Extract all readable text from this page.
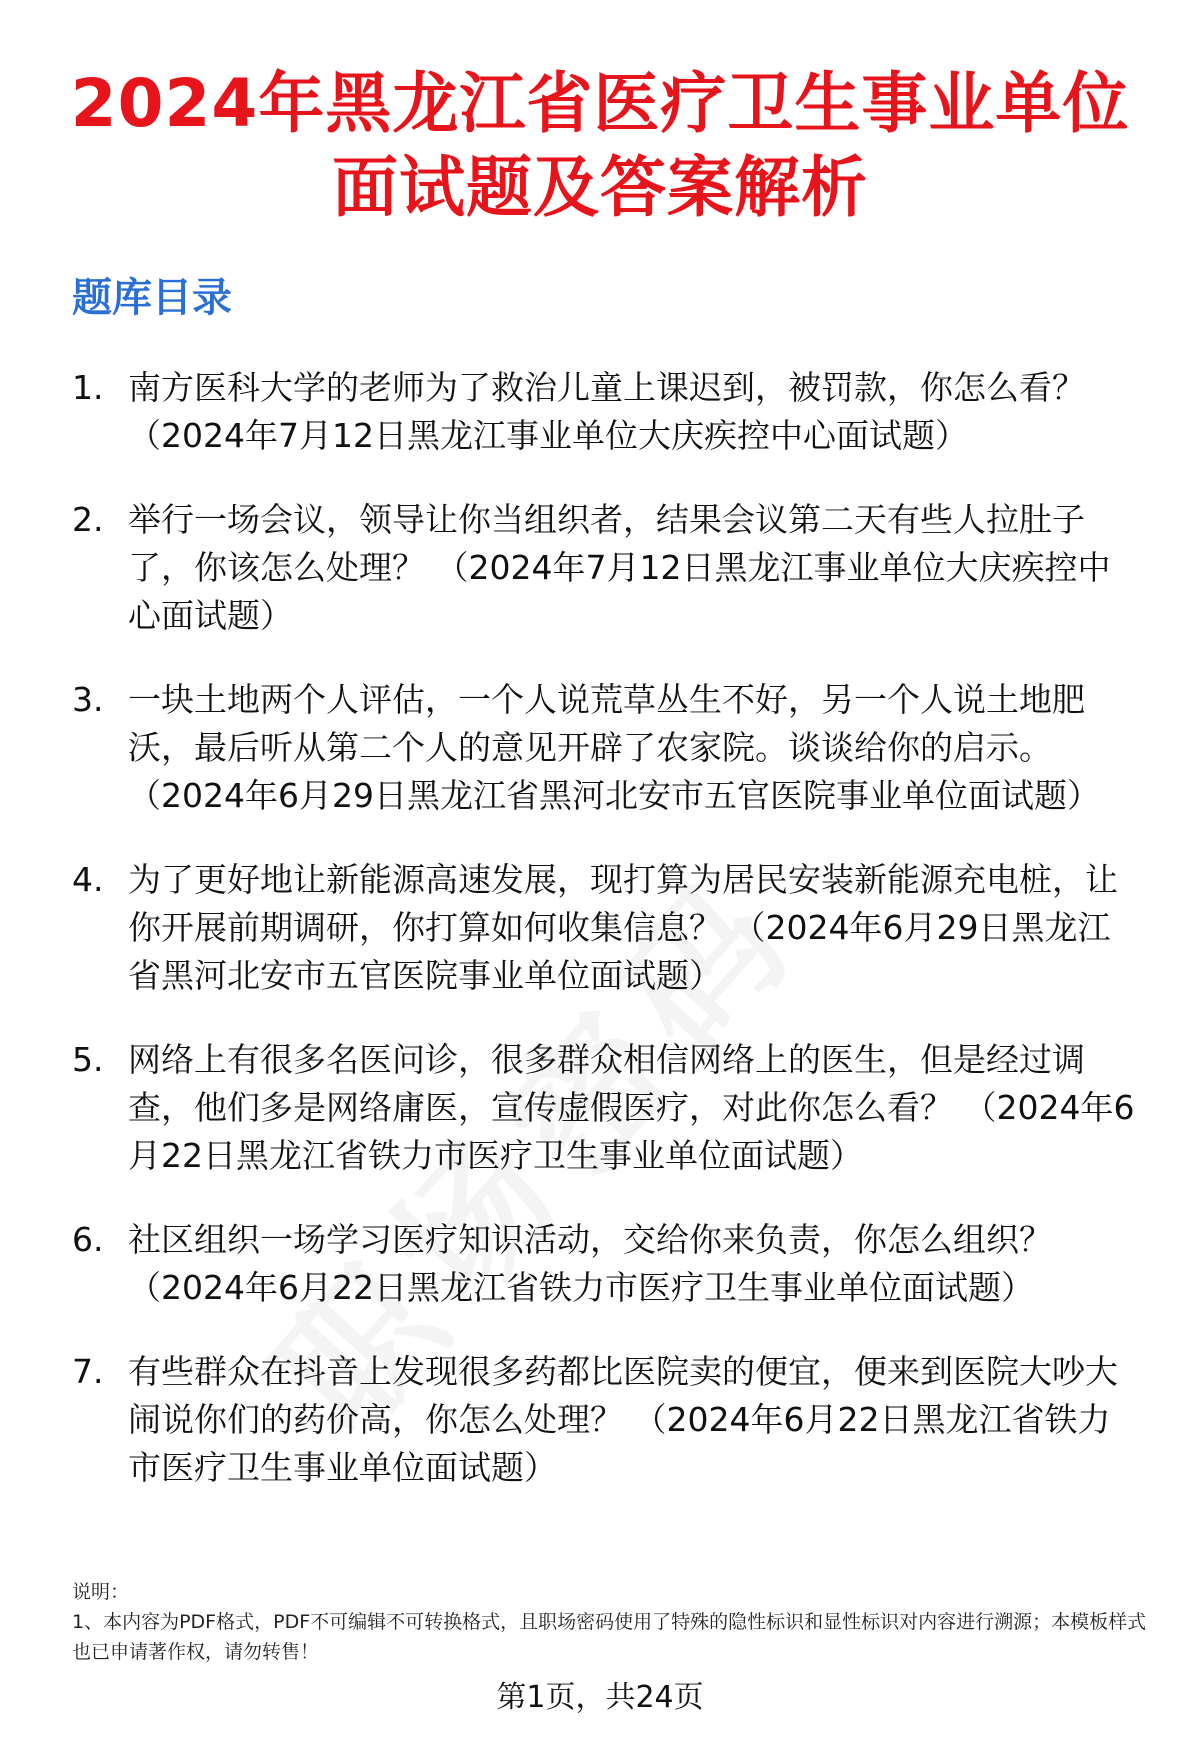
2024年黑龙江省医疗卫生事业单位
面试题及答案解析
题库目录
1. 南方医科大学的老师为了救治儿童上课迟到，被罚款，你怎么看？ （2024年7月12日黑龙江事业单位大庆疾控中心面试题）
2. 举行一场会议，领导让你当组织者，结果会议第二天有些人拉肚子了，你该怎么处理？ （2024年7月12日黑龙江事业单位大庆疾控中心面试题）
3. 一块土地两个人评估，一个人说荒草丛生不好，另一个人说土地肥沃，最后听从第二个人的意见开辟了农家院。谈谈给你的启示。 （2024年6月29日黑龙江省黑河北安市五官医院事业单位面试题）
4. 为了更好地让新能源高速发展，现打算为居民安装新能源充电桩，让你开展前期调研，你打算如何收集信息？ （2024年6月29日黑龙江省黑河北安市五官医院事业单位面试题）
5. 网络上有很多名医问诊，很多群众相信网络上的医生，但是经过调查，他们多是网络庸医，宣传虚假医疗，对此你怎么看？ （2024年6月22日黑龙江省铁力市医疗卫生事业单位面试题）
6. 社区组织一场学习医疗知识活动，交给你来负责，你怎么组织？ （2024年6月22日黑龙江省铁力市医疗卫生事业单位面试题）
7. 有些群众在抖音上发现很多药都比医院卖的便宜，便来到医院大吵大闹说你们的药价高，你怎么处理？ （2024年6月22日黑龙江省铁力市医疗卫生事业单位面试题）
说明：
1、本内容为PDF格式，PDF不可编辑不可转换格式，且职场密码使用了特殊的隐性标识和显性标识对内容进行溯源；本模板样式也已申请著作权，请勿转售！
第1页，共24页
